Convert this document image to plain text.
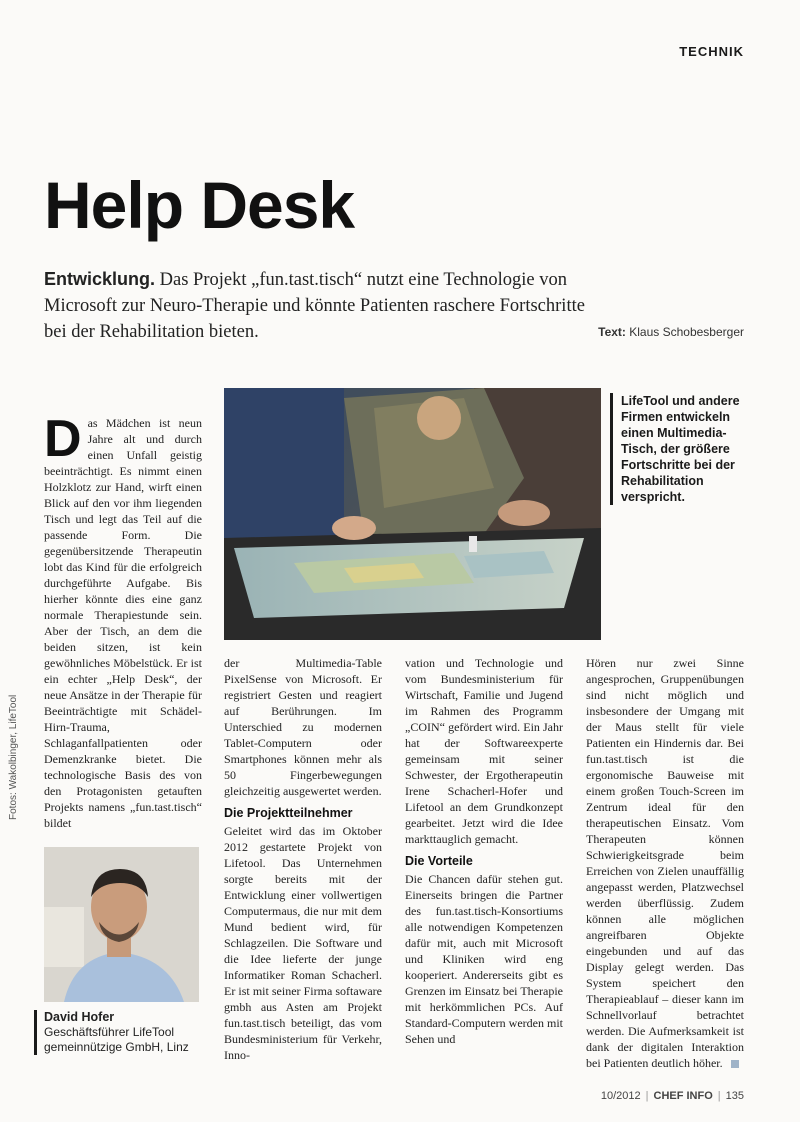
TECHNIK
Help Desk
Entwicklung. Das Projekt „fun.tast.tisch“ nutzt eine Technologie von Microsoft zur Neuro-Therapie und könnte Patienten raschere Fortschritte bei der Rehabilitation bieten.	Text: Klaus Schobesberger
LifeTool und andere Firmen entwickeln einen Multimedia-Tisch, der größere Fortschritte bei der Rehabilitation verspricht.
Fotos: Wakolbinger, LifeTool
D as Mädchen ist neun Jahre alt und durch einen Unfall geistig beeinträchtigt. Es nimmt einen Holzklotz zur Hand, wirft einen Blick auf den vor ihm liegenden Tisch und legt das Teil auf die passende Form. Die gegenübersitzende Therapeutin lobt das Kind für die erfolgreich durchgeführte Aufgabe. Bis hierher könnte dies eine ganz normale Therapiestunde sein. Aber der Tisch, an dem die beiden sitzen, ist kein gewöhnliches Möbelstück. Er ist ein echter „Help Desk“, der neue Ansätze in der Therapie für Beeinträchtigte mit Schädel-Hirn-Trauma, Schlaganfallpatienten oder Demenzkranke bietet. Die technologische Basis des von den Protagonisten getauften Projekts namens „fun.tast.tisch“ bildet

der Multimedia-Table PixelSense von Microsoft. Er registriert Gesten und reagiert auf Berührungen. Im Unterschied zu modernen Tablet-Computern oder Smartphones können mehr als 50 Fingerbewegungen gleichzeitig ausgewertet werden.

Die Projektteilnehmer

Geleitet wird das im Oktober 2012 gestartete Projekt von Lifetool. Das Unternehmen sorgte bereits mit der Entwicklung einer vollwertigen Computermaus, die nur mit dem Mund bedient wird, für Schlagzeilen. Die Software und die Idee lieferte der junge Informatiker Roman Schacherl. Er ist mit seiner Firma softaware gmbh aus Asten am Projekt fun.tast.tisch beteiligt, das vom Bundesministerium für Verkehr, Inno-

vation und Technologie und vom Bundesministerium für Wirtschaft, Familie und Jugend im Rahmen des Programm „COIN“ gefördert wird. Ein Jahr hat der Softwareexperte gemeinsam mit seiner Schwester, der Ergotherapeutin Irene Schacherl-Hofer und Lifetool an dem Grundkonzept gearbeitet. Jetzt wird die Idee markttauglich gemacht.

Die Vorteile

Die Chancen dafür stehen gut. Einerseits bringen die Partner des fun.tast.tisch-Konsortiums alle notwendigen Kompetenzen dafür mit, auch mit Microsoft und Kliniken wird eng kooperiert. Andererseits gibt es Grenzen im Einsatz bei Therapie mit herkömmlichen PCs. Auf Standard-Computern werden mit Sehen und

Hören nur zwei Sinne angesprochen, Gruppenübungen sind nicht möglich und insbesondere der Umgang mit der Maus stellt für viele Patienten ein Hindernis dar. Bei fun.tast.tisch ist die ergonomische Bauweise mit einem großen Touch-Screen im Zentrum ideal für den therapeutischen Einsatz. Vom Therapeuten können Schwierigkeitsgrade beim Erreichen von Zielen unauffällig angepasst werden, Platzwechsel werden überflüssig. Zudem können alle möglichen angreifbaren Objekte eingebunden und auf das Display gelegt werden. Das System speichert den Therapieablauf – dieser kann im Schnellvorlauf betrachtet werden. Die Aufmerksamkeit ist dank der digitalen Interaktion bei Patienten deutlich höher.
David Hofer
Geschäftsführer LifeTool
gemeinnützige GmbH, Linz
10/2012 | CHEF INFO | 135
